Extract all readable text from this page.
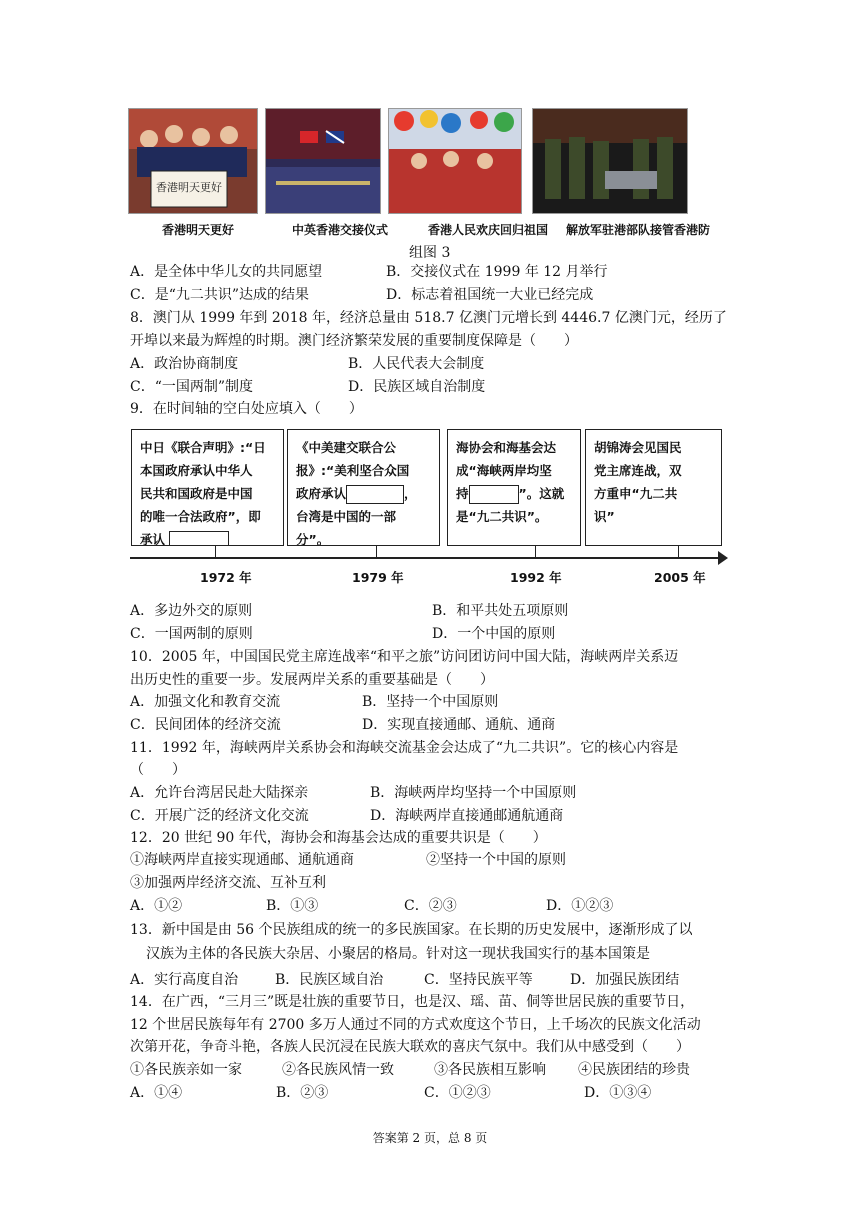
香港明天更好
香港明天更好	中英香港交接仪式	香港人民欢庆回归祖国 解放军驻港部队接管香港防
组图 3
A．是全体中华儿女的共同愿望	B．交接仪式在 1999 年 12 月举行
C．是“九二共识”达成的结果	D．标志着祖国统一大业已经完成
8．澳门从 1999 年到 2018 年，经济总量由 518.7 亿澳门元增长到 4446.7 亿澳门元，经历了
开埠以来最为辉煌的时期。澳门经济繁荣发展的重要制度保障是（　　）
A．政治协商制度	B．人民代表大会制度
C．“一国两制”制度	D．民族区域自治制度
9．在时间轴的空白处应填入（　　）
中日《联合声明》:“日
本国政府承认中华人
民共和国政府是中国
的唯一合法政府”，即
承认
《中美建交联合公
报》:“美利坚合众国
政府承认	，
台湾是中国的一部
分”。
海协会和海基会达
成“海峡两岸均坚
持	”。这就
是“九二共识”。
胡锦涛会见国民
党主席连战，双
方重申“九二共
识”
1972 年	1979 年	1992 年	2005 年
A．多边外交的原则	B．和平共处五项原则
C．一国两制的原则	D．一个中国的原则
10．2005 年，中国国民党主席连战率“和平之旅”访问团访问中国大陆，海峡两岸关系迈
出历史性的重要一步。发展两岸关系的重要基础是（　　）
A．加强文化和教育交流	B．坚持一个中国原则
C．民间团体的经济交流	D．实现直接通邮、通航、通商
11．1992 年，海峡两岸关系协会和海峡交流基金会达成了“九二共识”。它的核心内容是
（　　）
A．允许台湾居民赴大陆探亲	B．海峡两岸均坚持一个中国原则
C．开展广泛的经济文化交流	D．海峡两岸直接通邮通航通商
12．20 世纪 90 年代，海协会和海基会达成的重要共识是（　　）
①海峡两岸直接实现通邮、通航通商	②坚持一个中国的原则
③加强两岸经济交流、互补互利
A．①②	B．①③	C．②③	D．①②③
13．新中国是由 56 个民族组成的统一的多民族国家。在长期的历史发展中，逐渐形成了以
汉族为主体的各民族大杂居、小聚居的格局。针对这一现状我国实行的基本国策是
A．实行高度自治	B．民族区域自治	C．坚持民族平等	D．加强民族团结
14．在广西，“三月三”既是壮族的重要节日，也是汉、瑶、苗、侗等世居民族的重要节日，
12 个世居民族每年有 2700 多万人通过不同的方式欢度这个节日，上千场次的民族文化活动
次第开花，争奇斗艳，各族人民沉浸在民族大联欢的喜庆气氛中。我们从中感受到（　　）
①各民族亲如一家	②各民族风情一致	③各民族相互影响 ④民族团结的珍贵
A．①④	B．②③	C．①②③	D．①③④
答案第 2 页，总 8 页
